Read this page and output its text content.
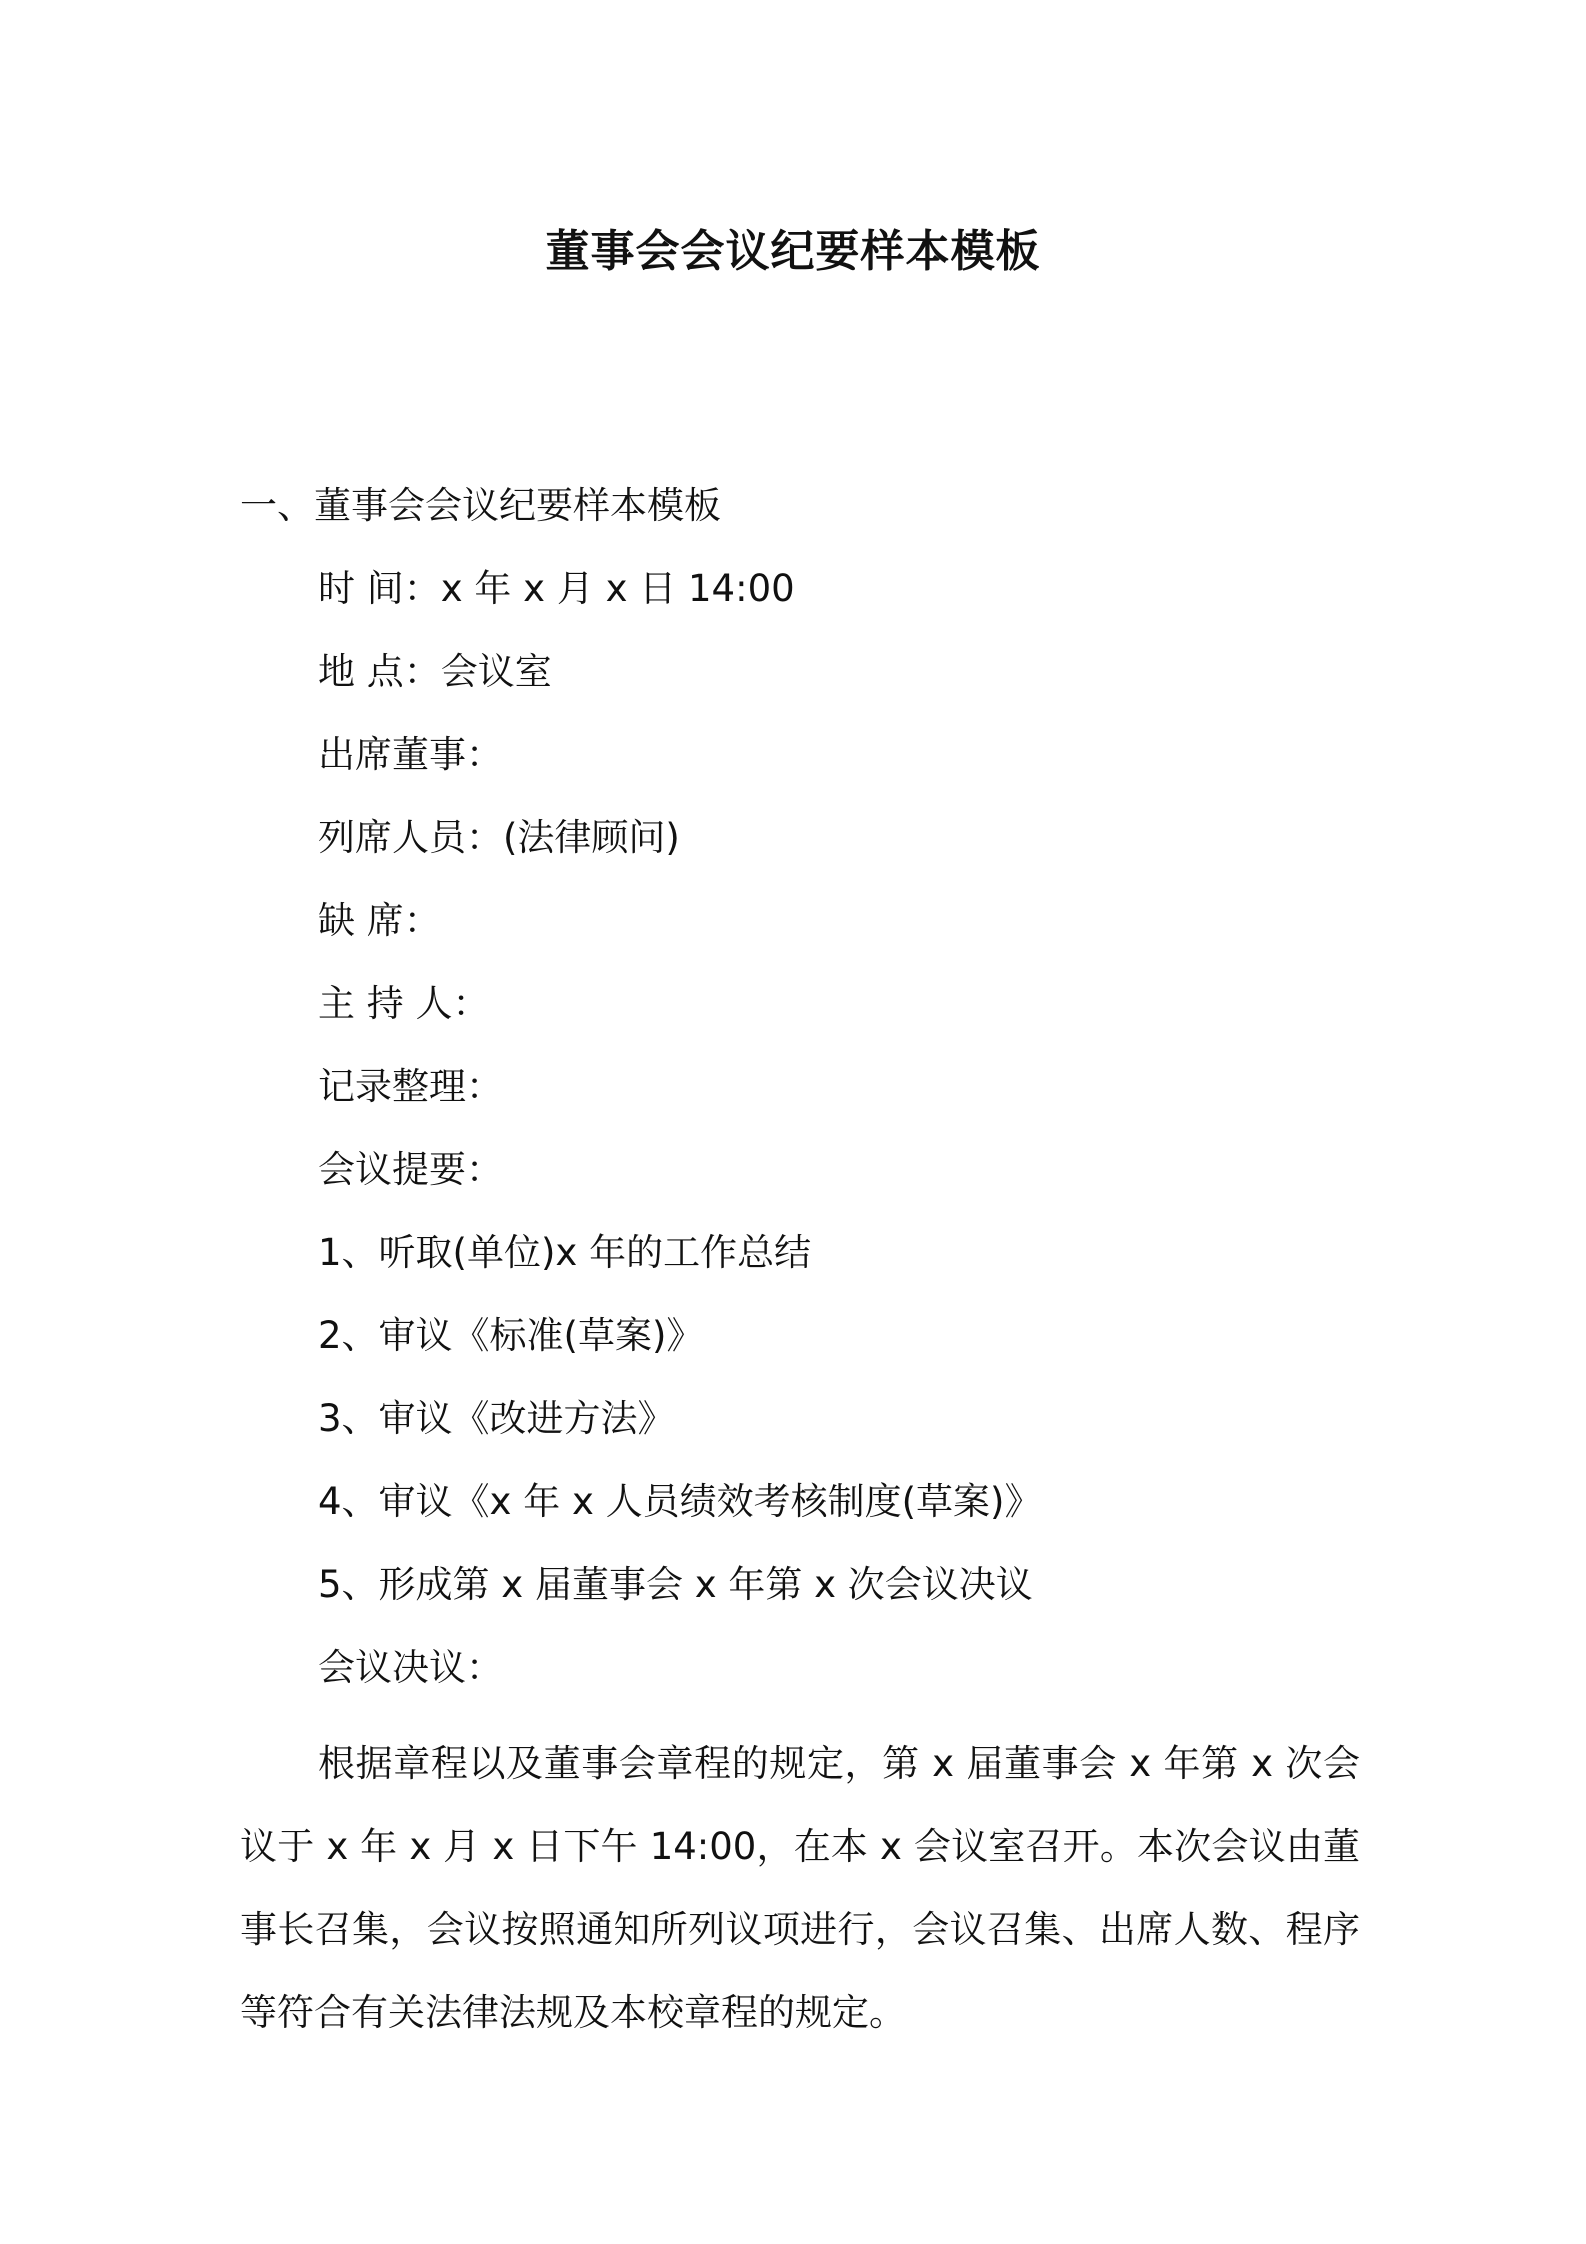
董事会会议纪要样本模板
一、董事会会议纪要样本模板
时 间：x 年 x 月 x 日 14:00
地 点：会议室
出席董事：
列席人员：(法律顾问)
缺 席：
主 持 人：
记录整理：
会议提要：
1、听取(单位)x 年的工作总结
2、审议《标准(草案)》
3、审议《改进方法》
4、审议《x 年 x 人员绩效考核制度(草案)》
5、形成第 x 届董事会 x 年第 x 次会议决议
会议决议：
根据章程以及董事会章程的规定，第 x 届董事会 x 年第 x 次会议于 x 年 x 月 x 日下午 14:00，在本 x 会议室召开。本次会议由董事长召集，会议按照通知所列议项进行，会议召集、出席人数、程序等符合有关法律法规及本校章程的规定。
